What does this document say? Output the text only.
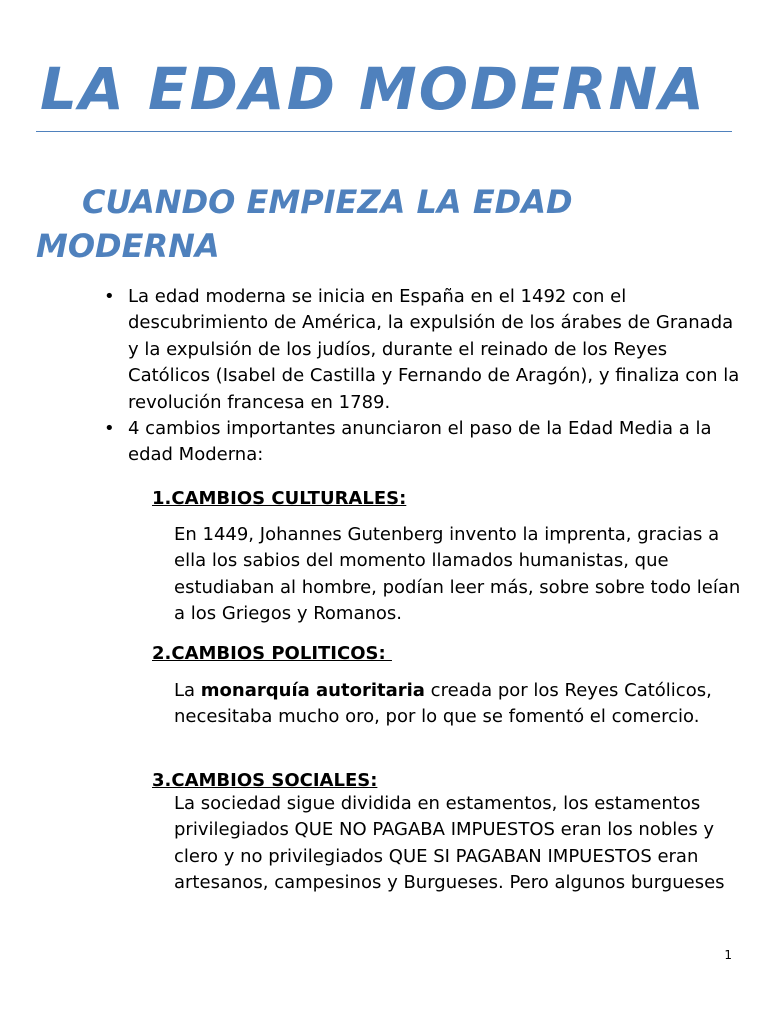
LA EDAD MODERNA
CUANDO EMPIEZA LA EDAD MODERNA
• La edad moderna se inicia en España en el 1492 con el descubrimiento de América, la expulsión de los árabes de Granada y la expulsión de los judíos, durante el reinado de los Reyes Católicos (Isabel de Castilla y Fernando de Aragón), y finaliza con la revolución francesa en 1789.
• 4 cambios importantes anunciaron el paso de la Edad Media a la edad Moderna:

1.CAMBIOS CULTURALES:

En 1449, Johannes Gutenberg invento la imprenta, gracias a ella los sabios del momento llamados humanistas, que estudiaban al hombre, podían leer más, sobre sobre todo leían a los Griegos y Romanos.

2.CAMBIOS POLITICOS:

La monarquía autoritaria creada por los Reyes Católicos, necesitaba mucho oro, por lo que se fomentó el comercio.

3.CAMBIOS SOCIALES:

La sociedad sigue dividida en estamentos, los estamentos privilegiados QUE NO PAGABA IMPUESTOS eran los nobles y clero y no privilegiados QUE SI PAGABAN IMPUESTOS eran artesanos, campesinos y Burgueses. Pero algunos burgueses

1
